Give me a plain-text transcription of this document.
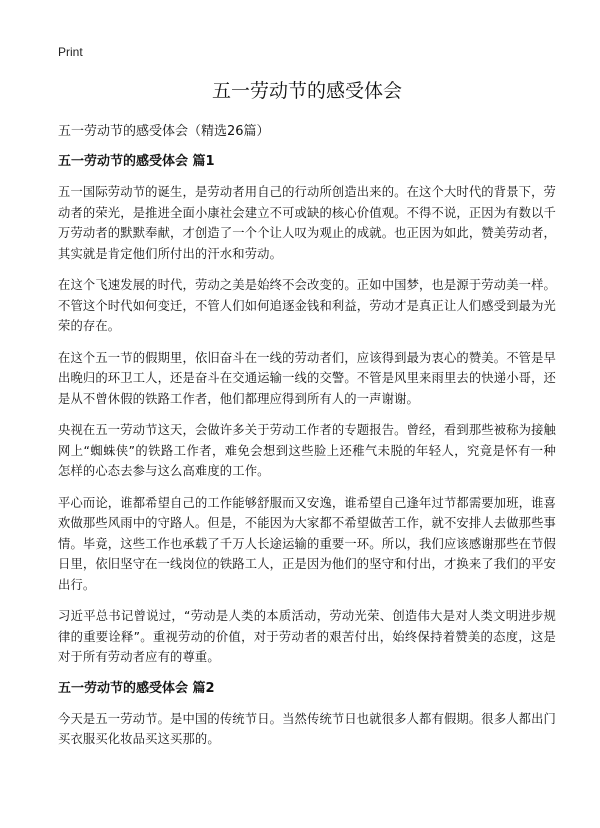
Print
五一劳动节的感受体会
五一劳动节的感受体会（精选26篇）
五一劳动节的感受体会 篇1

五一国际劳动节的诞生，是劳动者用自己的行动所创造出来的。在这个大时代的背景下，劳动者的荣光，是推进全面小康社会建立不可或缺的核心价值观。不得不说，正因为有数以千万劳动者的默默奉献，才创造了一个个让人叹为观止的成就。也正因为如此，赞美劳动者，其实就是肯定他们所付出的汗水和劳动。

在这个飞速发展的时代，劳动之美是始终不会改变的。正如中国梦，也是源于劳动美一样。不管这个时代如何变迁，不管人们如何追逐金钱和利益，劳动才是真正让人们感受到最为光荣的存在。

在这个五一节的假期里，依旧奋斗在一线的劳动者们，应该得到最为衷心的赞美。不管是早出晚归的环卫工人，还是奋斗在交通运输一线的交警。不管是风里来雨里去的快递小哥，还是从不曾休假的铁路工作者，他们都理应得到所有人的一声谢谢。

央视在五一劳动节这天，会做许多关于劳动工作者的专题报告。曾经，看到那些被称为接触网上“蜘蛛侠”的铁路工作者，难免会想到这些脸上还稚气未脱的年轻人，究竟是怀有一种怎样的心态去参与这么高难度的工作。

平心而论，谁都希望自己的工作能够舒服而又安逸，谁希望自己逢年过节都需要加班，谁喜欢做那些风雨中的守路人。但是，不能因为大家都不希望做苦工作，就不安排人去做那些事情。毕竟，这些工作也承载了千万人长途运输的重要一环。所以，我们应该感谢那些在节假日里，依旧坚守在一线岗位的铁路工人，正是因为他们的坚守和付出，才换来了我们的平安出行。

习近平总书记曾说过，“劳动是人类的本质活动，劳动光荣、创造伟大是对人类文明进步规律的重要诠释”。重视劳动的价值，对于劳动者的艰苦付出，始终保持着赞美的态度，这是对于所有劳动者应有的尊重。

五一劳动节的感受体会 篇2

今天是五一劳动节。是中国的传统节日。当然传统节日也就很多人都有假期。很多人都出门买衣服买化妆品买这买那的。
